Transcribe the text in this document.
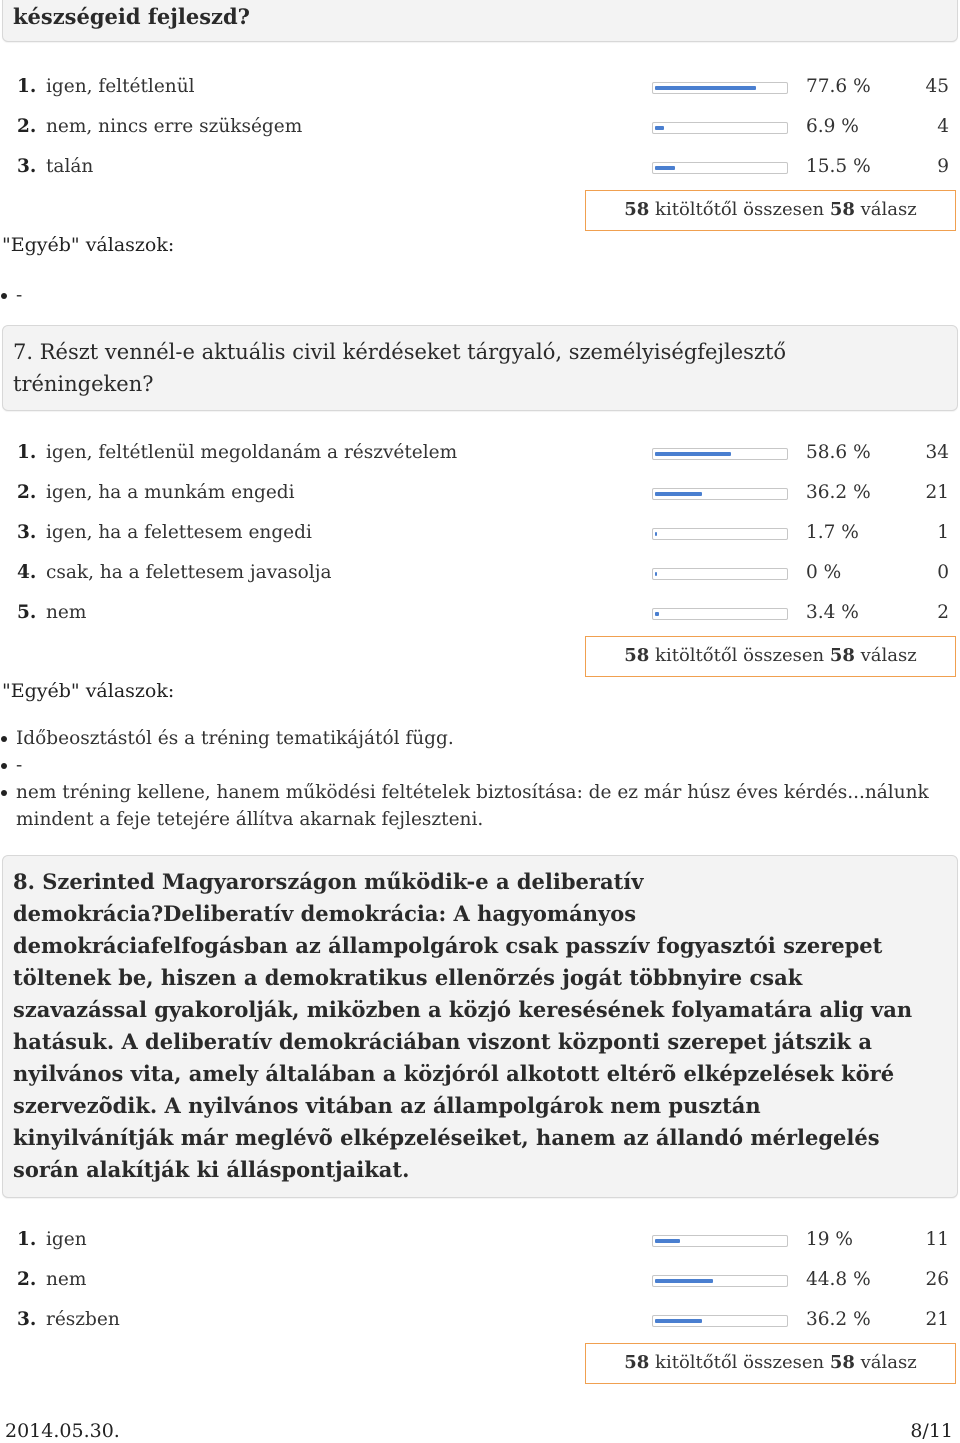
készségeid fejleszd?
1. igen, feltétlenül	77.6 %	45
2. nem, nincs erre szükségem	6.9 %	4
3. talán	15.5 %	9
58 kitöltőtől összesen 58 válasz
"Egyéb" válaszok:
-
7. Részt vennél-e aktuális civil kérdéseket tárgyaló, személyiségfejlesztő
tréningeken?
1. igen, feltétlenül megoldanám a részvételem	58.6 %	34
2. igen, ha a munkám engedi	36.2 %	21
3. igen, ha a felettesem engedi	1.7 %	1
4. csak, ha a felettesem javasolja	0 %	0
5. nem	3.4 %	2
58 kitöltőtől összesen 58 válasz
"Egyéb" válaszok:
Időbeosztástól és a tréning tematikájától függ.
-
nem tréning kellene, hanem működési feltételek biztosítása: de ez már húsz éves kérdés...nálunk
mindent a feje tetejére állítva akarnak fejleszteni.
8. Szerinted Magyarországon működik-e a deliberatív
demokrácia?Deliberatív demokrácia: A hagyományos
demokráciafelfogásban az állampolgárok csak passzív fogyasztói szerepet
töltenek be, hiszen a demokratikus ellenõrzés jogát többnyire csak
szavazással gyakorolják, miközben a közjó keresésének folyamatára alig van
hatásuk. A deliberatív demokráciában viszont központi szerepet játszik a
nyilvános vita, amely általában a közjóról alkotott eltérõ elképzelések köré
szervezõdik. A nyilvános vitában az állampolgárok nem pusztán
kinyilvánítják már meglévõ elképzeléseiket, hanem az állandó mérlegelés
során alakítják ki álláspontjaikat.
1. igen	19 %	11
2. nem	44.8 %	26
3. részben	36.2 %	21
58 kitöltőtől összesen 58 válasz
2014.05.30.	8/11
